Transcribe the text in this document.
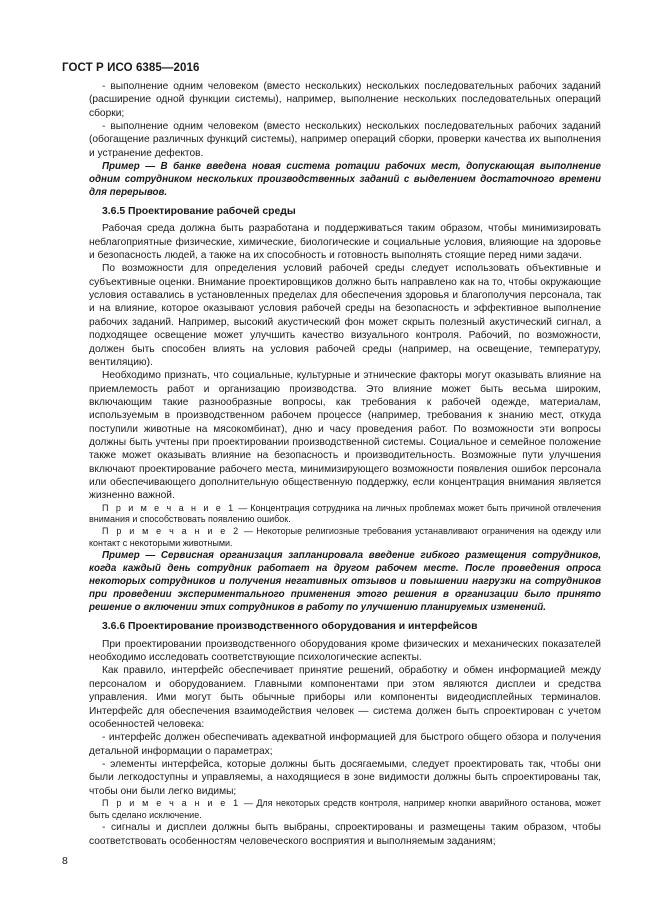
ГОСТ Р ИСО 6385—2016

- выполнение одним человеком (вместо нескольких) нескольких последовательных рабочих заданий (расширение одной функции системы), например, выполнение нескольких последовательных операций сборки;

- выполнение одним человеком (вместо нескольких) нескольких последовательных рабочих заданий (обогащение различных функций системы), например операций сборки, проверки качества их выполнения и устранение дефектов.

Пример — В банке введена новая система ротации рабочих мест, допускающая выполнение одним сотрудником нескольких производственных заданий с выделением достаточного времени для перерывов.

3.6.5 Проектирование рабочей среды

Рабочая среда должна быть разработана и поддерживаться таким образом, чтобы минимизировать неблагоприятные физические, химические, биологические и социальные условия, влияющие на здоровье и безопасность людей, а также на их способность и готовность выполнять стоящие перед ними задачи.

По возможности для определения условий рабочей среды следует использовать объективные и субъективные оценки. Внимание проектировщиков должно быть направлено как на то, чтобы окружающие условия оставались в установленных пределах для обеспечения здоровья и благополучия персонала, так и на влияние, которое оказывают условия рабочей среды на безопасность и эффективное выполнение рабочих заданий. Например, высокий акустический фон может скрыть полезный акустический сигнал, а подходящее освещение может улучшить качество визуального контроля. Рабочий, по возможности, должен быть способен влиять на условия рабочей среды (например, на освещение, температуру, вентиляцию).

Необходимо признать, что социальные, культурные и этнические факторы могут оказывать влияние на приемлемость работ и организацию производства. Это влияние может быть весьма широким, включающим такие разнообразные вопросы, как требования к рабочей одежде, материалам, используемым в производственном рабочем процессе (например, требования к знанию мест, откуда поступили животные на мясокомбинат), дню и часу проведения работ. По возможности эти вопросы должны быть учтены при проектировании производственной системы. Социальное и семейное положение также может оказывать влияние на безопасность и производительность. Возможные пути улучшения включают проектирование рабочего места, минимизирующего возможности появления ошибок персонала или обеспечивающего дополнительную общественную поддержку, если концентрация внимания является жизненно важной.

П р и м е ч а н и е 1 — Концентрация сотрудника на личных проблемах может быть причиной отвлечения внимания и способствовать появлению ошибок.

П р и м е ч а н и е 2 — Некоторые религиозные требования устанавливают ограничения на одежду или контакт с некоторыми животными.

Пример — Сервисная организация запланировала введение гибкого размещения сотрудников, когда каждый день сотрудник работает на другом рабочем месте. После проведения опроса некоторых сотрудников и получения негативных отзывов и повышении нагрузки на сотрудников при проведении экспериментального применения этого решения в организации было принято решение о включении этих сотрудников в работу по улучшению планируемых изменений.

3.6.6 Проектирование производственного оборудования и интерфейсов

При проектировании производственного оборудования кроме физических и механических показателей необходимо исследовать соответствующие психологические аспекты.

Как правило, интерфейс обеспечивает принятие решений, обработку и обмен информацией между персоналом и оборудованием. Главными компонентами при этом являются дисплеи и средства управления. Ими могут быть обычные приборы или компоненты видеодисплейных терминалов. Интерфейс для обеспечения взаимодействия человек — система должен быть спроектирован с учетом особенностей человека:

- интерфейс должен обеспечивать адекватной информацией для быстрого общего обзора и получения детальной информации о параметрах;

- элементы интерфейса, которые должны быть досягаемыми, следует проектировать так, чтобы они были легкодоступны и управляемы, а находящиеся в зоне видимости должны быть спроектированы так, чтобы они были легко видимы;

П р и м е ч а н и е 1 — Для некоторых средств контроля, например кнопки аварийного останова, может быть сделано исключение.

- сигналы и дисплеи должны быть выбраны, спроектированы и размещены таким образом, чтобы соответствовать особенностям человеческого восприятия и выполняемым заданиям;

8
